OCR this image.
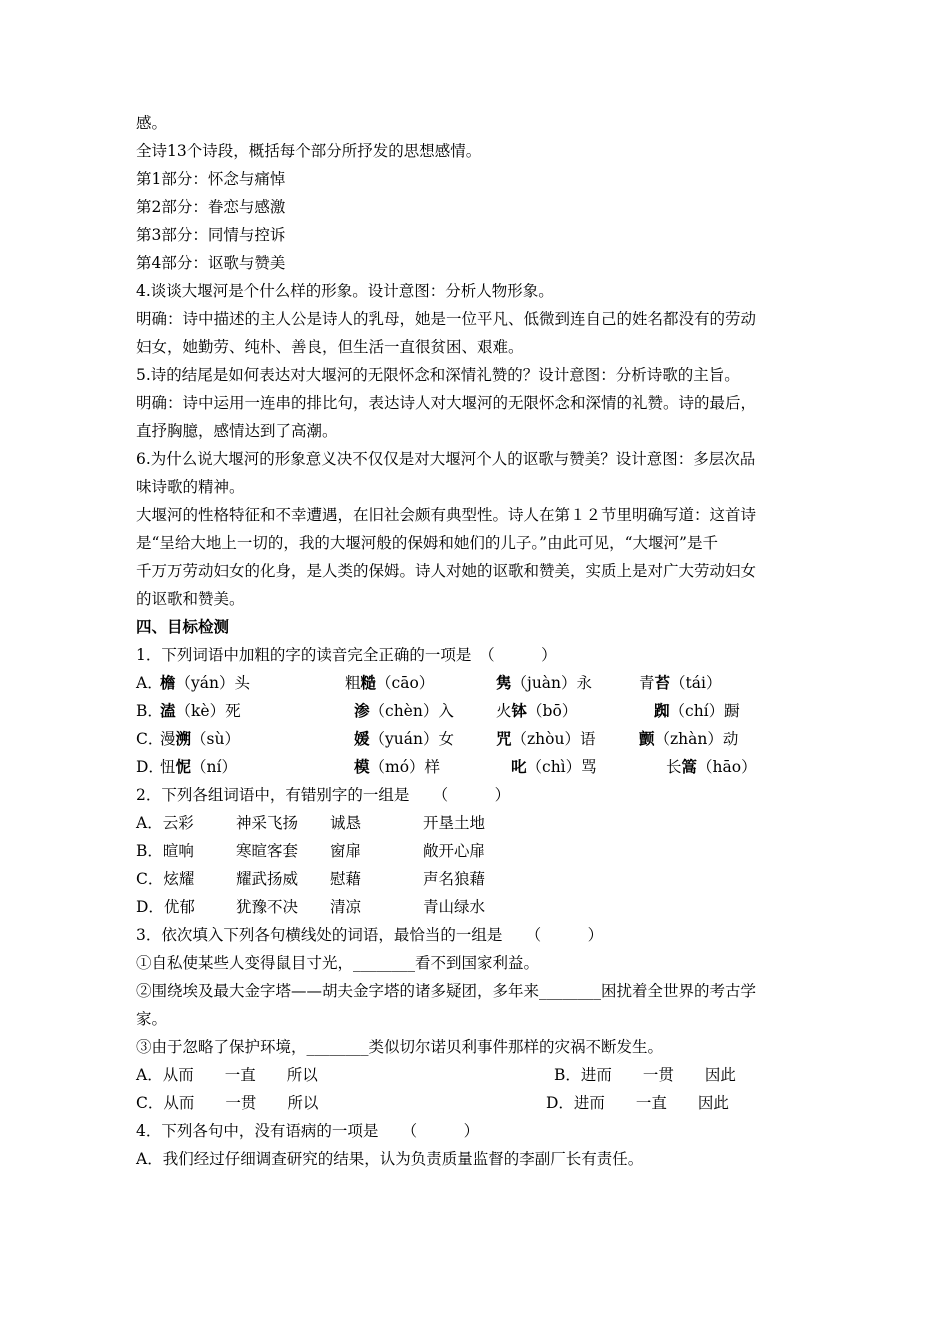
感。
全诗13个诗段，概括每个部分所抒发的思想感情。
第1部分：怀念与痛悼
第2部分：眷恋与感激
第3部分：同情与控诉
第4部分：讴歌与赞美
4.谈谈大堰河是个什么样的形象。设计意图：分析人物形象。
明确：诗中描述的主人公是诗人的乳母，她是一位平凡、低微到连自己的姓名都没有的劳动
妇女，她勤劳、纯朴、善良，但生活一直很贫困、艰难。
5.诗的结尾是如何表达对大堰河的无限怀念和深情礼赞的？设计意图：分析诗歌的主旨。
明确：诗中运用一连串的排比句，表达诗人对大堰河的无限怀念和深情的礼赞。诗的最后，
直抒胸臆，感情达到了高潮。
6.为什么说大堰河的形象意义决不仅仅是对大堰河个人的讴歌与赞美？设计意图：多层次品
味诗歌的精神。
大堰河的性格特征和不幸遭遇，在旧社会颇有典型性。诗人在第１２节里明确写道：这首诗
是“呈给大地上一切的，我的大堰河般的保姆和她们的儿子。”由此可见，“大堰河”是千
千万万劳动妇女的化身，是人类的保姆。诗人对她的讴歌和赞美，实质上是对广大劳动妇女
的讴歌和赞美。
四、目标检测
1．下列词语中加粗的字的读音完全正确的一项是　（　　　）
A．
檐（yán）头	粗糙（cāo）	隽（juàn）永	青苔（tái）
B．
溘（kè）死	渗（chèn）入	火钵（bō）	踟（chí）蹰
C．
漫溯（sù）	媛（yuán）女	咒（zhòu）语	颤（zhàn）动
D．
忸怩（ní）	模（mó）样	叱（chì）骂	长篙（hāo）
2．下列各组词语中，有错别字的一组是　　（　　　）
A．云彩	神采飞扬 诚恳	开垦土地
B．暄响	寒暄客套 窗扉	敞开心扉
C．炫耀	耀武扬威 慰藉	声名狼藉
D．优郁	犹豫不决 清凉	青山绿水
3．依次填入下列各句横线处的词语，最恰当的一组是　　（　　　）
①自私使某些人变得鼠目寸光，________看不到国家利益。
②围绕埃及最大金字塔——胡夫金字塔的诸多疑团，多年来________困扰着全世界的考古学
家。
③由于忽略了保护环境，________类似切尔诺贝利事件那样的灾祸不断发生。
A．从而　　一直　　所以	B．进而　　一贯　　因此
C．从而　　一贯　　所以	D．进而　　一直　　因此
4．下列各句中，没有语病的一项是　　（　　　）
A．我们经过仔细调查研究的结果，认为负责质量监督的李副厂长有责任。
